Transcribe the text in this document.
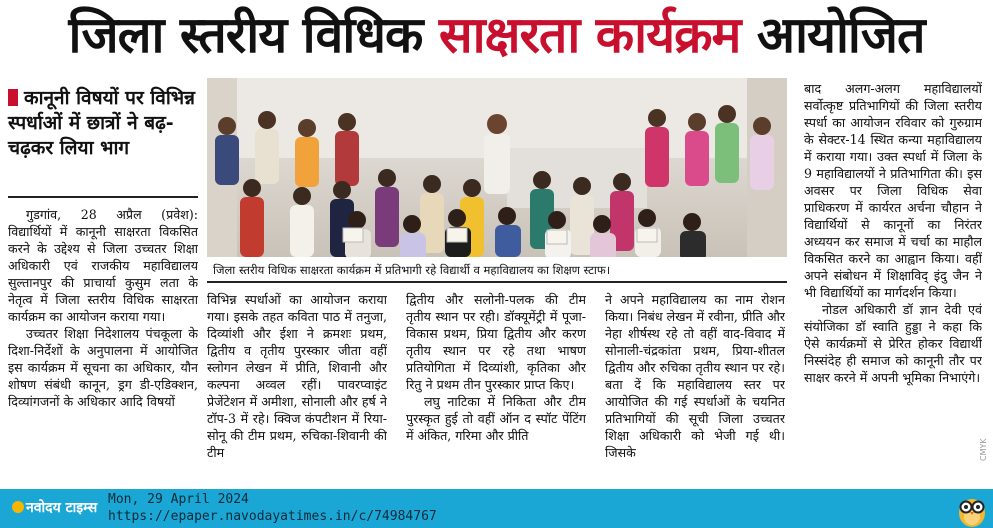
जिला स्तरीय विधिक साक्षरता कार्यक्रम आयोजित
कानूनी विषयों पर विभिन्न स्पर्धाओं में छात्रों ने बढ़-चढ़कर लिया भाग

गुडगांव, 28 अप्रैल (प्रवेश): विद्यार्थियों में कानूनी साक्षरता विकसित करने के उद्देश्य से जिला उच्चतर शिक्षा अधिकारी एवं राजकीय महाविद्यालय सुल्तानपुर की प्राचार्या कुसुम लता के नेतृत्व में जिला स्तरीय विधिक साक्षरता कार्यक्रम का आयोजन कराया गया।

उच्चतर शिक्षा निदेशालय पंचकूला के दिशा-निर्देशों के अनुपालना में आयोजित इस कार्यक्रम में सूचना का अधिकार, यौन शोषण संबंधी कानून, ड्रग डी-एडिक्शन, दिव्यांगजनों के अधिकार आदि विषयों

जिला स्तरीय विधिक साक्षरता कार्यक्रम में प्रतिभागी रहे विद्यार्थी व महाविद्यालय का शिक्षण स्टाफ।

विभिन्न स्पर्धाओं का आयोजन कराया गया। इसके तहत कविता पाठ में तनुजा, दिव्यांशी और ईशा ने क्रमशः प्रथम, द्वितीय व तृतीय पुरस्कार जीता वहीं स्लोगन लेखन में प्रीति, शिवानी और कल्पना अव्वल रहीं। पावरप्वाइंट प्रेजेंटेशन में अमीशा, सोनाली और हर्ष ने टॉप-3 में रहे। क्विज कंपटीशन में रिया-सोनू की टीम प्रथम, रुचिका-शिवानी की टीम

द्वितीय और सलोनी-पलक की टीम तृतीय स्थान पर रही। डॉक्यूमेंट्री में पूजा-विकास प्रथम, प्रिया द्वितीय और करण तृतीय स्थान पर रहे तथा भाषण प्रतियोगिता में दिव्यांशी, कृतिका और रितु ने प्रथम तीन पुरस्कार प्राप्त किए।

लघु नाटिका में निकिता और टीम पुरस्कृत हुई तो वहीं ऑन द स्पॉट पेंटिंग में अंकित, गरिमा और प्रीति

ने अपने महाविद्यालय का नाम रोशन किया। निबंध लेखन में रवीना, प्रीति और नेहा शीर्षस्थ रहे तो वहीं वाद-विवाद में सोनाली-चंद्रकांता प्रथम, प्रिया-शीतल द्वितीय और रुचिका तृतीय स्थान पर रहे। बता दें कि महाविद्यालय स्तर पर आयोजित की गई स्पर्धाओं के चयनित प्रतिभागियों की सूची जिला उच्चतर शिक्षा अधिकारी को भेजी गई थी। जिसके

बाद अलग-अलग महाविद्यालयों सर्वोत्कृष्ट प्रतिभागियों की जिला स्तरीय स्पर्धा का आयोजन रविवार को गुरुग्राम के सेक्टर-14 स्थित कन्या महाविद्यालय में कराया गया। उक्त स्पर्धा में जिला के 9 महाविद्यालयों ने प्रतिभागिता की। इस अवसर पर जिला विधिक सेवा प्राधिकरण में कार्यरत अर्चना चौहान ने विद्यार्थियों से कानूनों का निरंतर अध्ययन कर समाज में चर्चा का माहौल विकसित करने का आह्वान किया। वहीं अपने संबोधन में शिक्षाविद् इंदु जैन ने भी विद्यार्थियों का मार्गदर्शन किया।

नोडल अधिकारी डॉ ज्ञान देवी एवं संयोजिका डॉ स्वाति हुड्डा ने कहा कि ऐसे कार्यक्रमों से प्रेरित होकर विद्यार्थी निस्संदेह ही समाज को कानूनी तौर पर साक्षर करने में अपनी भूमिका निभाएंगे।

CMYK
नवोदय टाइम्स
Mon, 29 April 2024
https://epaper.navodayatimes.in/c/74984767
